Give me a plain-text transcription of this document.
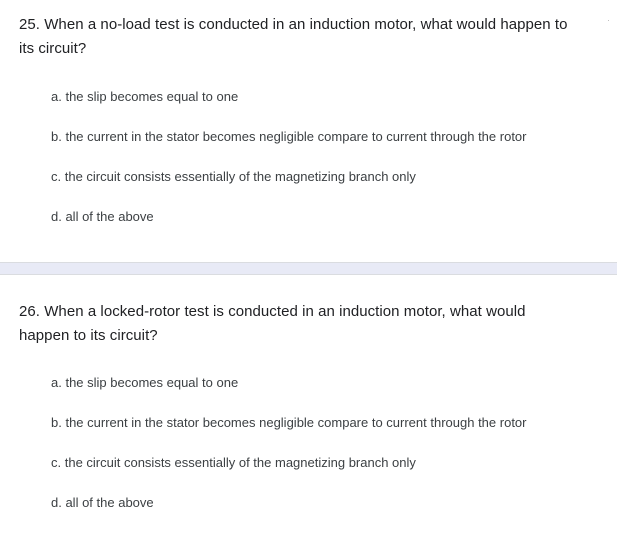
25. When a no-load test is conducted in an induction motor, what would happen to its circuit?
a. the slip becomes equal to one
b. the current in the stator becomes negligible compare to current through the rotor
c. the circuit consists essentially of the magnetizing branch only
d. all of the above
26. When a locked-rotor test is conducted in an induction motor, what would happen to its circuit?
a. the slip becomes equal to one
b. the current in the stator becomes negligible compare to current through the rotor
c. the circuit consists essentially of the magnetizing branch only
d. all of the above
